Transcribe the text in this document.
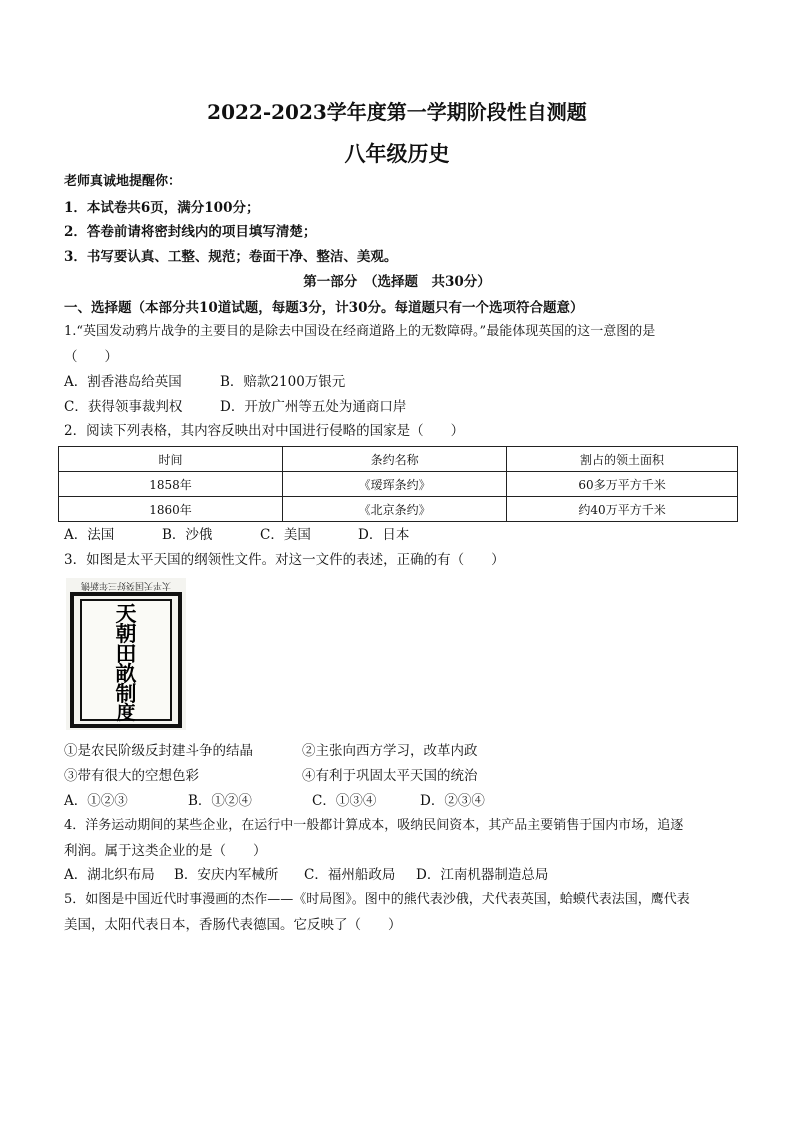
2022-2023学年度第一学期阶段性自测题
八年级历史
老师真诚地提醒你：
1．本试卷共6页，满分100分；
2．答卷前请将密封线内的项目填写清楚；
3．书写要认真、工整、规范；卷面干净、整洁、美观。
第一部分　（选择题　共30分）
一、选择题（本部分共10道试题，每题3分，计30分。每道题只有一个选项符合题意）
1.“英国发动鸦片战争的主要目的是除去中国设在经商道路上的无数障碍。”最能体现英国的这一意图的是
（　　）
A．割香港岛给英国	B．赔款2100万银元
C．获得领事裁判权	D．开放广州等五处为通商口岸
2．阅读下列表格，其内容反映出对中国进行侵略的国家是（　　）
时间	条约名称	割占的领土面积
1858年	《瑷珲条约》	60多万平方千米
1860年	《北京条约》	约40万平方千米
A．法国	B．沙俄	C．美国	D．日本
3．如图是太平天国的纲领性文件。对这一文件的表述，正确的有（　　）
太平天国癸好三年新镌
天
朝
田
畝
制
度
①是农民阶级反封建斗争的结晶	②主张向西方学习，改革内政
③带有很大的空想色彩	④有利于巩固太平天国的统治
A．①②③	B．①②④	C．①③④	D．②③④
4．洋务运动期间的某些企业，在运行中一般都计算成本，吸纳民间资本，其产品主要销售于国内市场，追逐
利润。属于这类企业的是（　　）
A．湖北织布局	B．安庆内军械所	C．福州船政局	D．江南机器制造总局
5．如图是中国近代时事漫画的杰作——《时局图》。图中的熊代表沙俄，犬代表英国，蛤蟆代表法国，鹰代表
美国，太阳代表日本，香肠代表德国。它反映了（　　）
